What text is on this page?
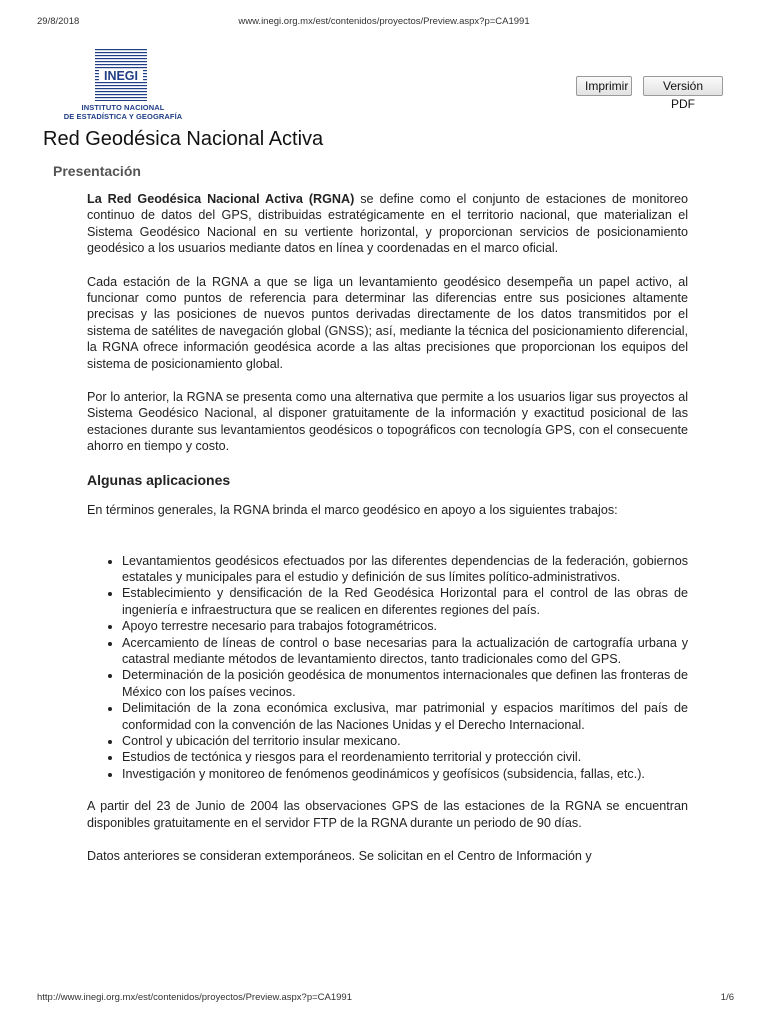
29/8/2018	www.inegi.org.mx/est/contenidos/proyectos/Preview.aspx?p=CA1991
INEGI
INSTITUTO NACIONAL
DE ESTADÍSTICA Y GEOGRAFÍA
Imprimir	Versión PDF
Red Geodésica Nacional Activa
Presentación

La Red Geodésica Nacional Activa (RGNA) se define como el conjunto de estaciones de monitoreo continuo de datos del GPS, distribuidas estratégicamente en el territorio nacional, que materializan el Sistema Geodésico Nacional en su vertiente horizontal, y proporcionan servicios de posicionamiento geodésico a los usuarios mediante datos en línea y coordenadas en el marco oficial.

Cada estación de la RGNA a que se liga un levantamiento geodésico desempeña un papel activo, al funcionar como puntos de referencia para determinar las diferencias entre sus posiciones altamente precisas y las posiciones de nuevos puntos derivadas directamente de los datos transmitidos por el sistema de satélites de navegación global (GNSS); así, mediante la técnica del posicionamiento diferencial, la RGNA ofrece información geodésica acorde a las altas precisiones que proporcionan los equipos del sistema de posicionamiento global.

Por lo anterior, la RGNA se presenta como una alternativa que permite a los usuarios ligar sus proyectos al Sistema Geodésico Nacional, al disponer gratuitamente de la información y exactitud posicional de las estaciones durante sus levantamientos geodésicos o topográficos con tecnología GPS, con el consecuente ahorro en tiempo y costo.

Algunas aplicaciones

En términos generales, la RGNA brinda el marco geodésico en apoyo a los siguientes trabajos:

• Levantamientos geodésicos efectuados por las diferentes dependencias de la federación, gobiernos estatales y municipales para el estudio y definición de sus límites político-administrativos.
• Establecimiento y densificación de la Red Geodésica Horizontal para el control de las obras de ingeniería e infraestructura que se realicen en diferentes regiones del país.
• Apoyo terrestre necesario para trabajos fotogramétricos.
• Acercamiento de líneas de control o base necesarias para la actualización de cartografía urbana y catastral mediante métodos de levantamiento directos, tanto tradicionales como del GPS.
• Determinación de la posición geodésica de monumentos internacionales que definen las fronteras de México con los países vecinos.
• Delimitación de la zona económica exclusiva, mar patrimonial y espacios marítimos del país de conformidad con la convención de las Naciones Unidas y el Derecho Internacional.
• Control y ubicación del territorio insular mexicano.
• Estudios de tectónica y riesgos para el reordenamiento territorial y protección civil.
• Investigación y monitoreo de fenómenos geodinámicos y geofísicos (subsidencia, fallas, etc.).

A partir del 23 de Junio de 2004 las observaciones GPS de las estaciones de la RGNA se encuentran disponibles gratuitamente en el servidor FTP de la RGNA durante un periodo de 90 días.

Datos anteriores se consideran extemporáneos. Se solicitan en el Centro de Información y

http://www.inegi.org.mx/est/contenidos/proyectos/Preview.aspx?p=CA1991	1/6
